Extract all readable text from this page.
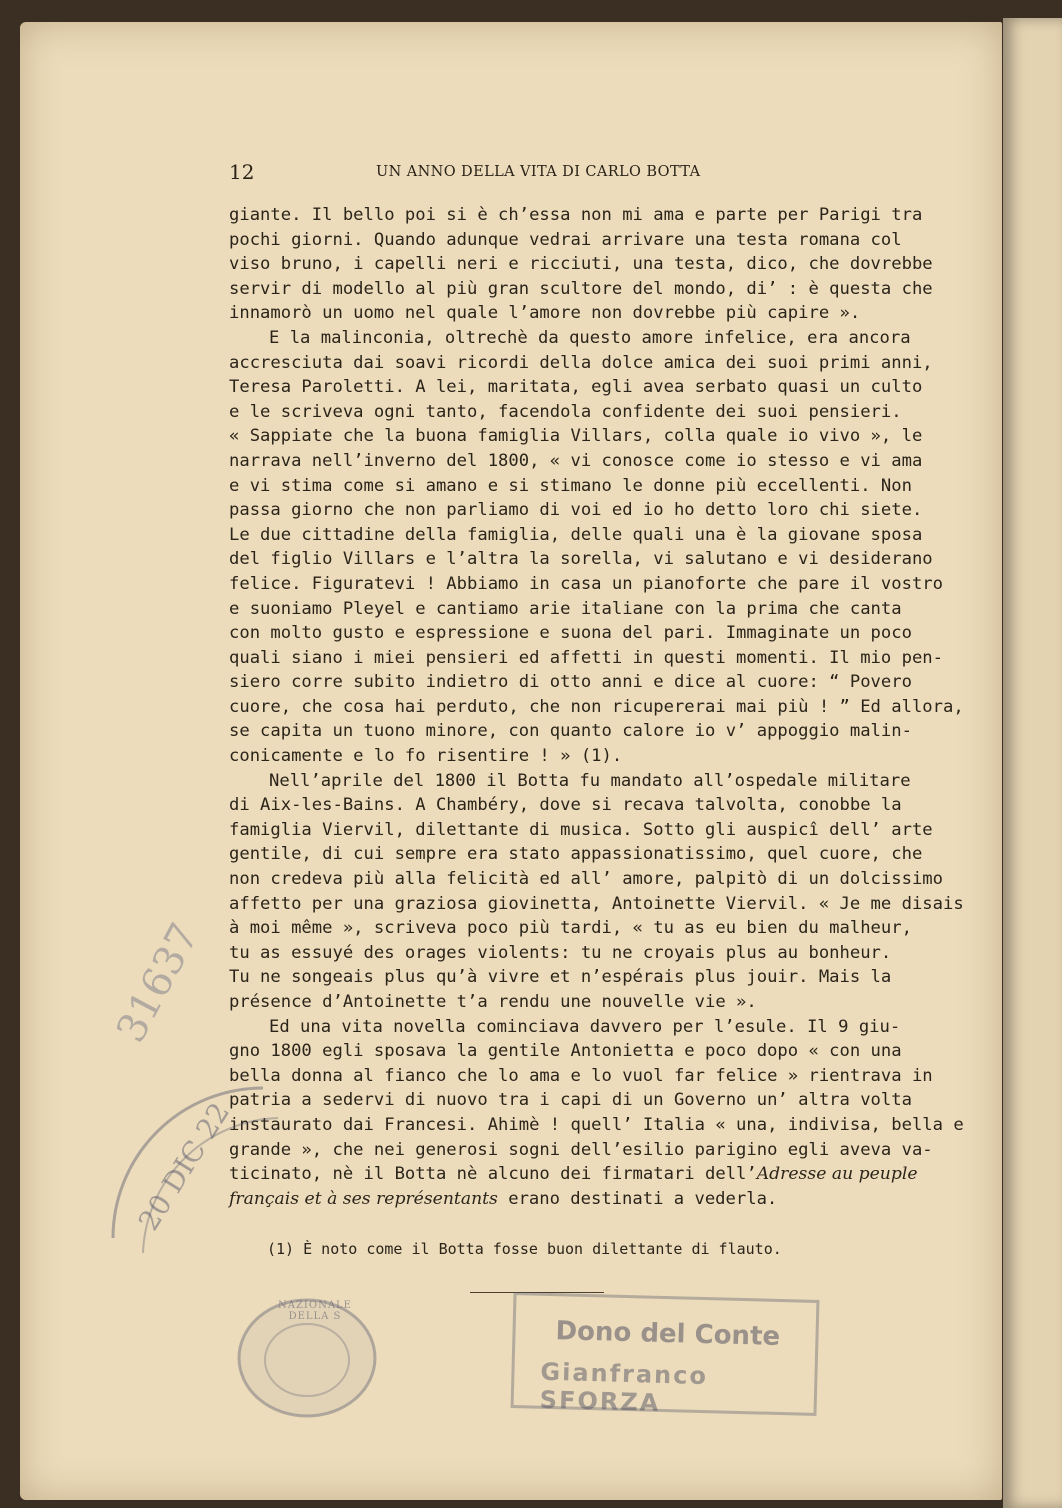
12	UN ANNO DELLA VITA DI CARLO BOTTA
giante. Il bello poi si è ch’essa non mi ama e parte per Parigi tra
pochi giorni. Quando adunque vedrai arrivare una testa romana col
viso bruno, i capelli neri e ricciuti, una testa, dico, che dovrebbe
servir di modello al più gran scultore del mondo, di’ : è questa che
innamorò un uomo nel quale l’amore non dovrebbe più capire ».
E la malinconia, oltrechè da questo amore infelice, era ancora
accresciuta dai soavi ricordi della dolce amica dei suoi primi anni,
Teresa Paroletti. A lei, maritata, egli avea serbato quasi un culto
e le scriveva ogni tanto, facendola confidente dei suoi pensieri.
« Sappiate che la buona famiglia Villars, colla quale io vivo », le
narrava nell’inverno del 1800, « vi conosce come io stesso e vi ama
e vi stima come si amano e si stimano le donne più eccellenti. Non
passa giorno che non parliamo di voi ed io ho detto loro chi siete.
Le due cittadine della famiglia, delle quali una è la giovane sposa
del figlio Villars e l’altra la sorella, vi salutano e vi desiderano
felice. Figuratevi ! Abbiamo in casa un pianoforte che pare il vostro
e suoniamo Pleyel e cantiamo arie italiane con la prima che canta
con molto gusto e espressione e suona del pari. Immaginate un poco
quali siano i miei pensieri ed affetti in questi momenti. Il mio pen-
siero corre subito indietro di otto anni e dice al cuore: “ Povero
cuore, che cosa hai perduto, che non ricupererai mai più ! ” Ed allora,
se capita un tuono minore, con quanto calore io v’ appoggio malin-
conicamente e lo fo risentire ! » (1).
Nell’aprile del 1800 il Botta fu mandato all’ospedale militare
di Aix-les-Bains. A Chambéry, dove si recava talvolta, conobbe la
famiglia Viervil, dilettante di musica. Sotto gli auspicî dell’ arte
gentile, di cui sempre era stato appassionatissimo, quel cuore, che
non credeva più alla felicità ed all’ amore, palpitò di un dolcissimo
affetto per una graziosa giovinetta, Antoinette Viervil. « Je me disais
à moi même », scriveva poco più tardi, « tu as eu bien du malheur,
tu as essuyé des orages violents: tu ne croyais plus au bonheur.
Tu ne songeais plus qu’à vivre et n’espérais plus jouir. Mais la
présence d’Antoinette t’a rendu une nouvelle vie ».
Ed una vita novella cominciava davvero per l’esule. Il 9 giu-
gno 1800 egli sposava la gentile Antonietta e poco dopo « con una
bella donna al fianco che lo ama e lo vuol far felice » rientrava in
patria a sedervi di nuovo tra i capi di un Governo un’ altra volta
instaurato dai Francesi. Ahimè ! quell’ Italia « una, indivisa, bella e
grande », che nei generosi sogni dell’esilio parigino egli aveva va-
ticinato, nè il Botta nè alcuno dei firmatari dell’Adresse au peuple
français et à ses représentants erano destinati a vederla.
(1) È noto come il Botta fosse buon dilettante di flauto.
31637
20 DIC 22
NAZIONALE DELLA S	Dono del Conte
Gianfranco SFORZA
